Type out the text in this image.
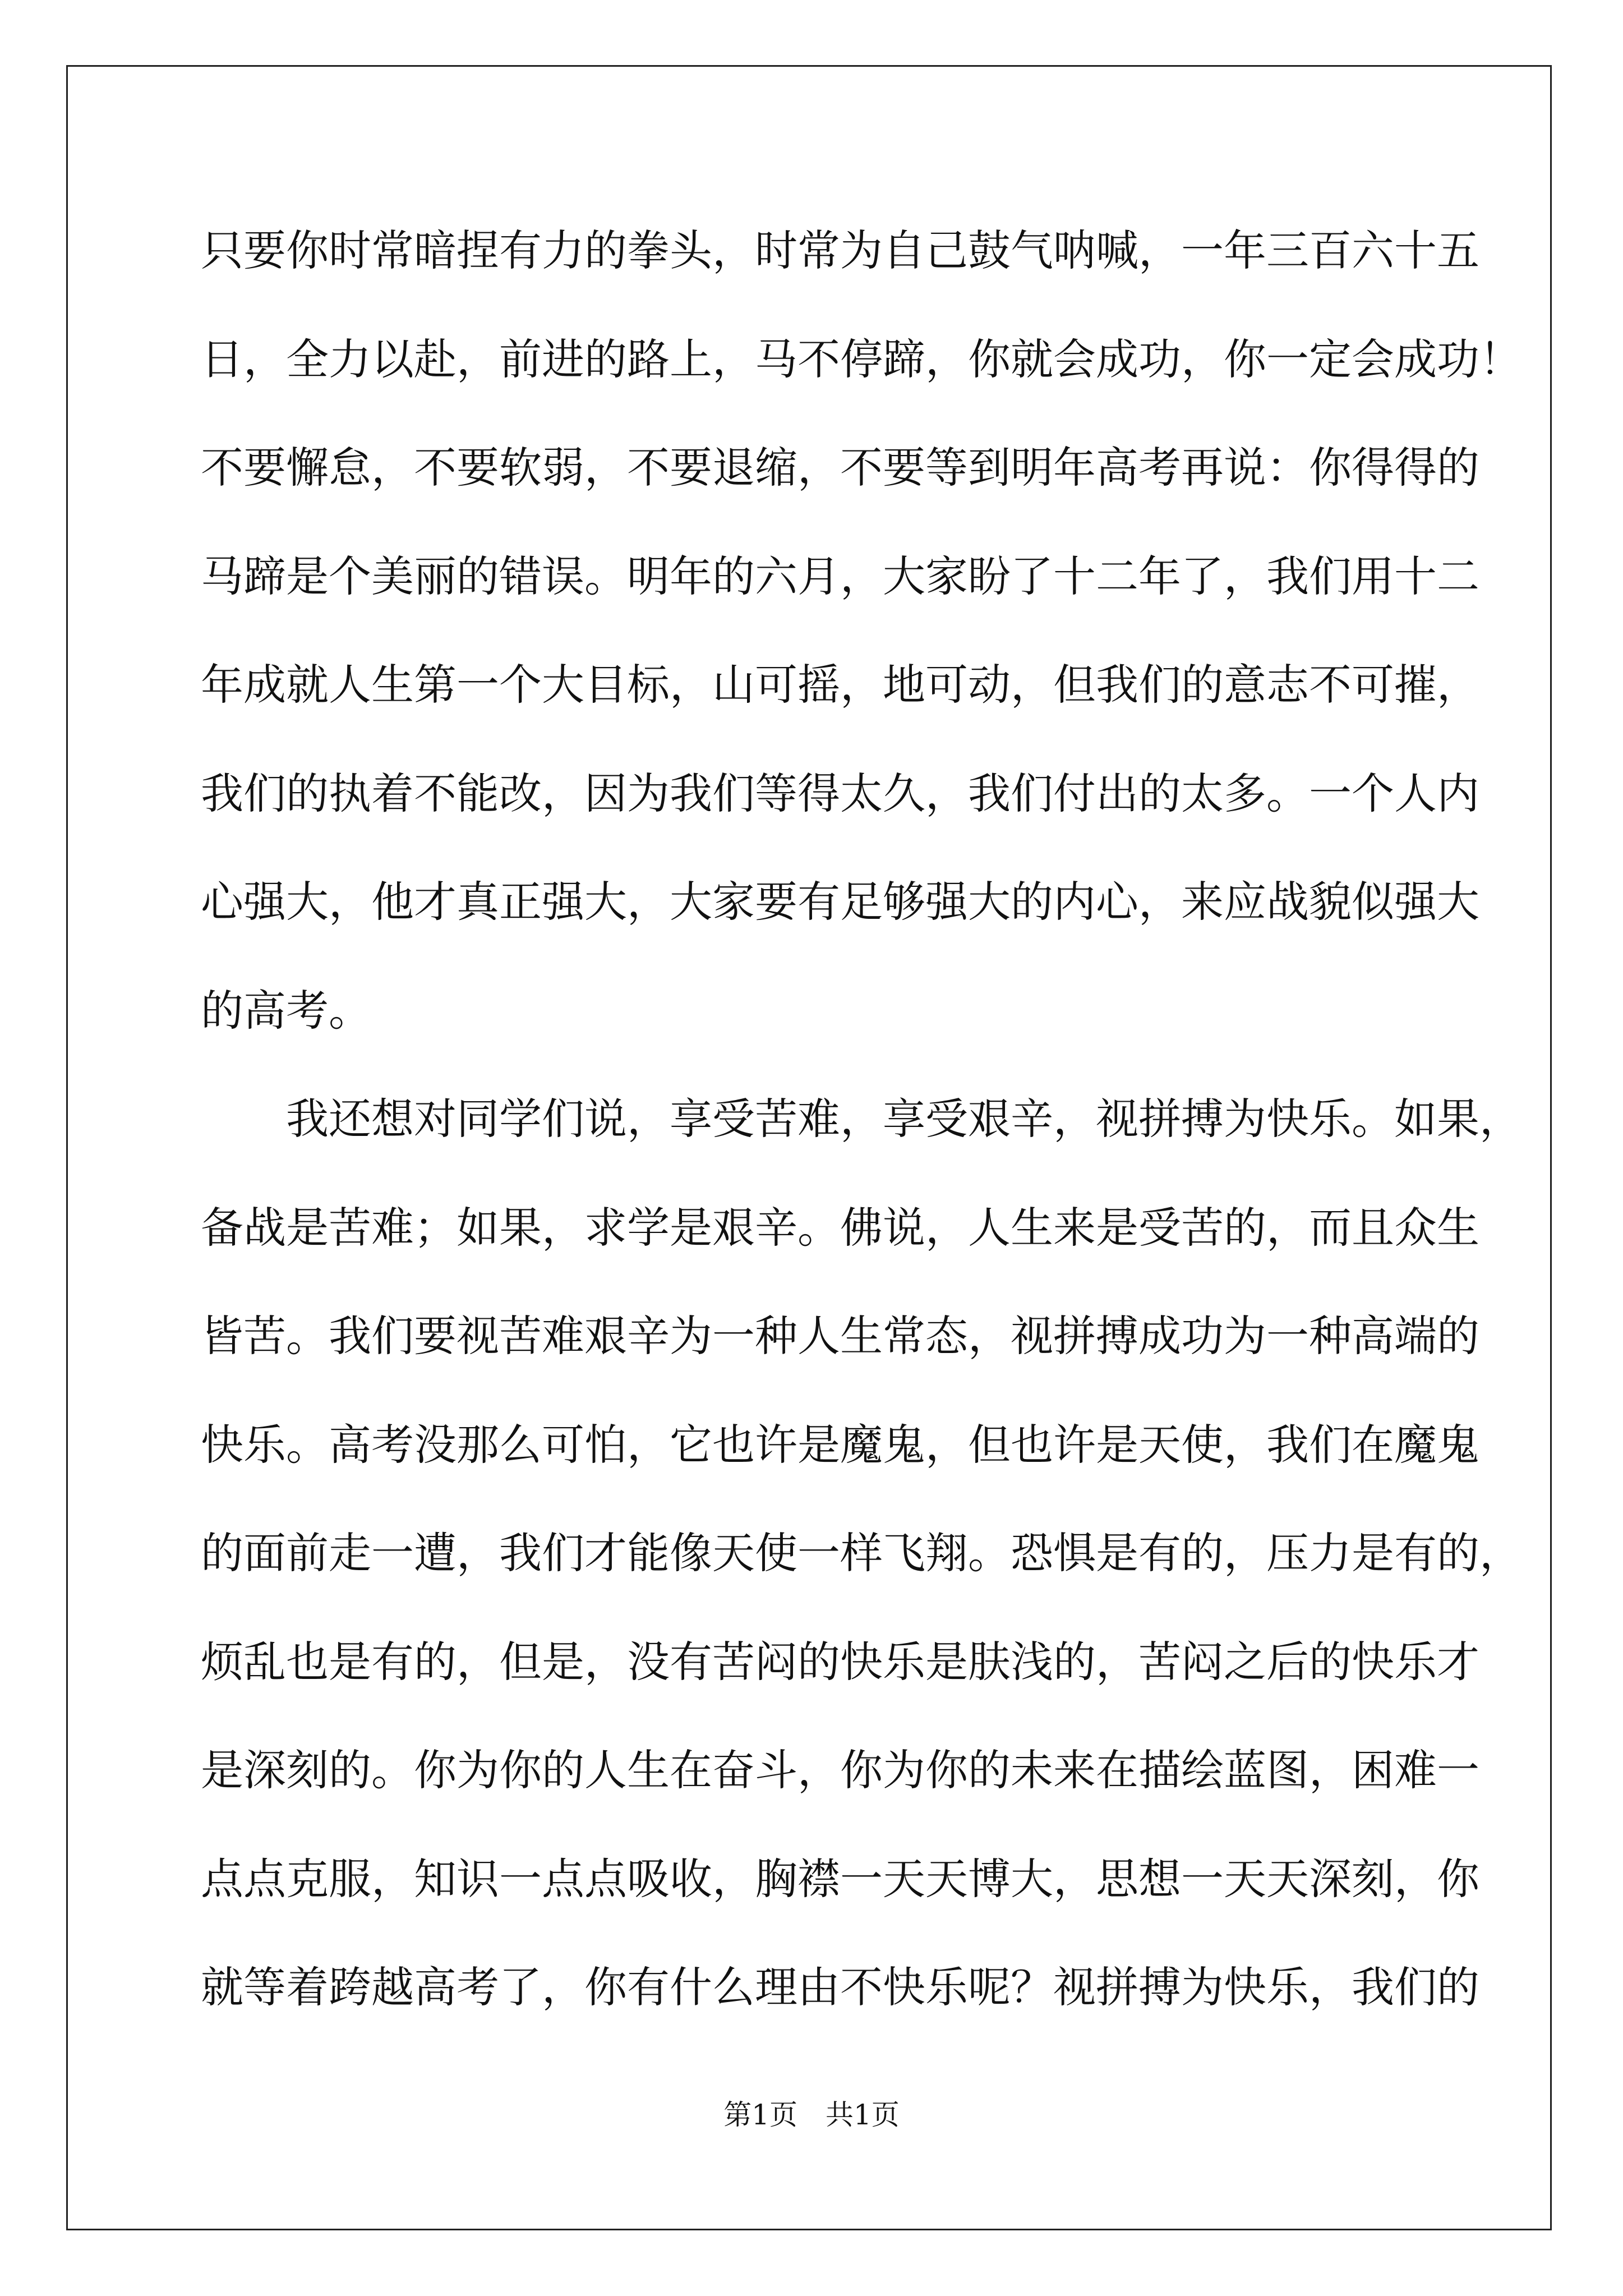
只要你时常暗捏有力的拳头，时常为自己鼓气呐喊，一年三百六十五
日，全力以赴，前进的路上，马不停蹄，你就会成功，你一定会成功！
不要懈怠，不要软弱，不要退缩，不要等到明年高考再说：你得得的
马蹄是个美丽的错误。明年的六月，大家盼了十二年了，我们用十二
年成就人生第一个大目标，山可摇，地可动，但我们的意志不可摧，
我们的执着不能改，因为我们等得太久，我们付出的太多。一个人内
心强大，他才真正强大，大家要有足够强大的内心，来应战貌似强大
的高考。
我还想对同学们说，享受苦难，享受艰辛，视拼搏为快乐。如果，
备战是苦难；如果，求学是艰辛。佛说，人生来是受苦的，而且众生
皆苦。我们要视苦难艰辛为一种人生常态，视拼搏成功为一种高端的
快乐。高考没那么可怕，它也许是魔鬼，但也许是天使，我们在魔鬼
的面前走一遭，我们才能像天使一样飞翔。恐惧是有的，压力是有的，
烦乱也是有的，但是，没有苦闷的快乐是肤浅的，苦闷之后的快乐才
是深刻的。你为你的人生在奋斗，你为你的未来在描绘蓝图，困难一
点点克服，知识一点点吸收，胸襟一天天博大，思想一天天深刻，你
就等着跨越高考了，你有什么理由不快乐呢？视拼搏为快乐，我们的
第1页 共1页
